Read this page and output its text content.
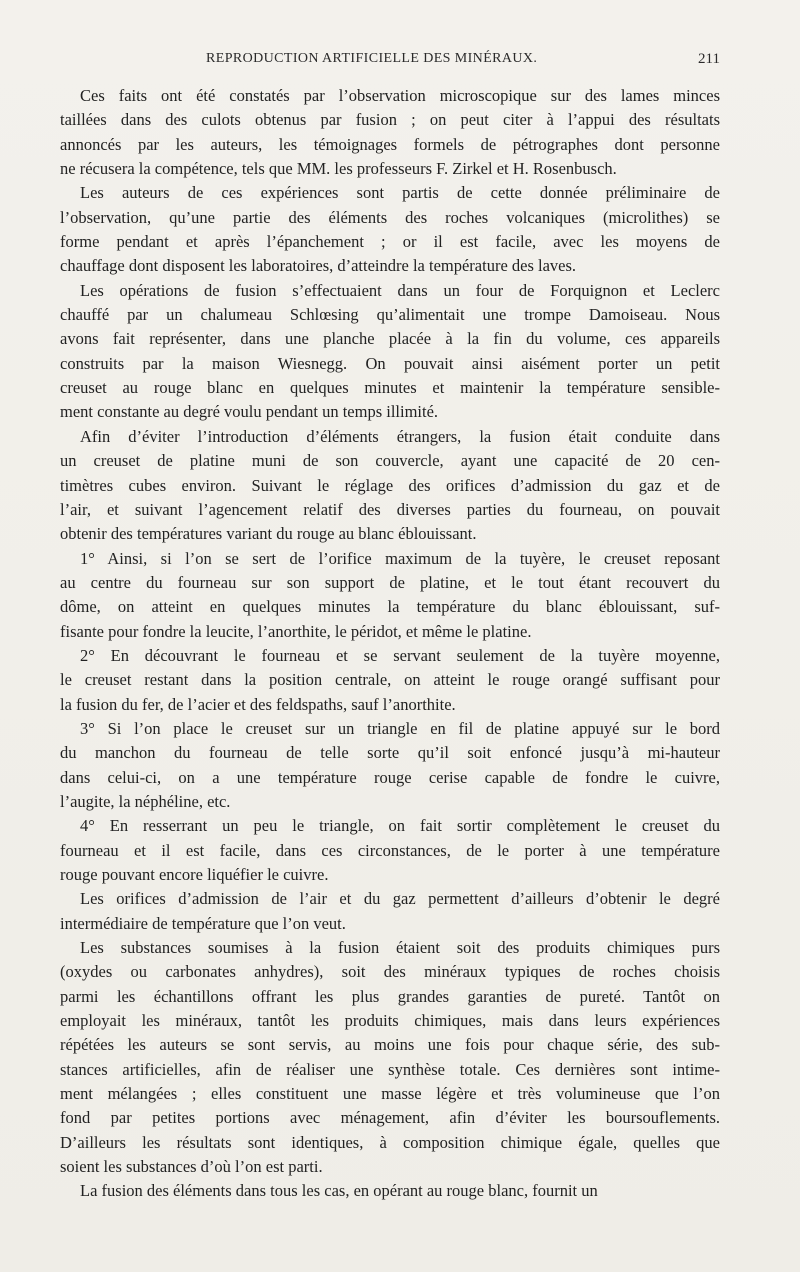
REPRODUCTION ARTIFICIELLE DES MINÉRAUX.	211
Ces faits ont été constatés par l’observation microscopique sur des lames minces
taillées dans des culots obtenus par fusion ; on peut citer à l’appui des résultats
annoncés par les auteurs, les témoignages formels de pétrographes dont personne
ne récusera la compétence, tels que MM. les professeurs F. Zirkel et H. Rosenbusch.
Les auteurs de ces expériences sont partis de cette donnée préliminaire de
l’observation, qu’une partie des éléments des roches volcaniques (microlithes) se
forme pendant et après l’épanchement ; or il est facile, avec les moyens de
chauffage dont disposent les laboratoires, d’atteindre la température des laves.
Les opérations de fusion s’effectuaient dans un four de Forquignon et Leclerc
chauffé par un chalumeau Schlœsing qu’alimentait une trompe Damoiseau. Nous
avons fait représenter, dans une planche placée à la fin du volume, ces appareils
construits par la maison Wiesnegg. On pouvait ainsi aisément porter un petit
creuset au rouge blanc en quelques minutes et maintenir la température sensible-
ment constante au degré voulu pendant un temps illimité.
Afin d’éviter l’introduction d’éléments étrangers, la fusion était conduite dans
un creuset de platine muni de son couvercle, ayant une capacité de 20 cen-
timètres cubes environ. Suivant le réglage des orifices d’admission du gaz et de
l’air, et suivant l’agencement relatif des diverses parties du fourneau, on pouvait
obtenir des températures variant du rouge au blanc éblouissant.
1° Ainsi, si l’on se sert de l’orifice maximum de la tuyère, le creuset reposant
au centre du fourneau sur son support de platine, et le tout étant recouvert du
dôme, on atteint en quelques minutes la température du blanc éblouissant, suf-
fisante pour fondre la leucite, l’anorthite, le péridot, et même le platine.
2° En découvrant le fourneau et se servant seulement de la tuyère moyenne,
le creuset restant dans la position centrale, on atteint le rouge orangé suffisant pour
la fusion du fer, de l’acier et des feldspaths, sauf l’anorthite.
3° Si l’on place le creuset sur un triangle en fil de platine appuyé sur le bord
du manchon du fourneau de telle sorte qu’il soit enfoncé jusqu’à mi-hauteur
dans celui-ci, on a une température rouge cerise capable de fondre le cuivre,
l’augite, la néphéline, etc.
4° En resserrant un peu le triangle, on fait sortir complètement le creuset du
fourneau et il est facile, dans ces circonstances, de le porter à une température
rouge pouvant encore liquéfier le cuivre.
Les orifices d’admission de l’air et du gaz permettent d’ailleurs d’obtenir le degré
intermédiaire de température que l’on veut.
Les substances soumises à la fusion étaient soit des produits chimiques purs
(oxydes ou carbonates anhydres), soit des minéraux typiques de roches choisis
parmi les échantillons offrant les plus grandes garanties de pureté. Tantôt on
employait les minéraux, tantôt les produits chimiques, mais dans leurs expériences
répétées les auteurs se sont servis, au moins une fois pour chaque série, des sub-
stances artificielles, afin de réaliser une synthèse totale. Ces dernières sont intime-
ment mélangées ; elles constituent une masse légère et très volumineuse que l’on
fond par petites portions avec ménagement, afin d’éviter les boursouflements.
D’ailleurs les résultats sont identiques, à composition chimique égale, quelles que
soient les substances d’où l’on est parti.
La fusion des éléments dans tous les cas, en opérant au rouge blanc, fournit un
